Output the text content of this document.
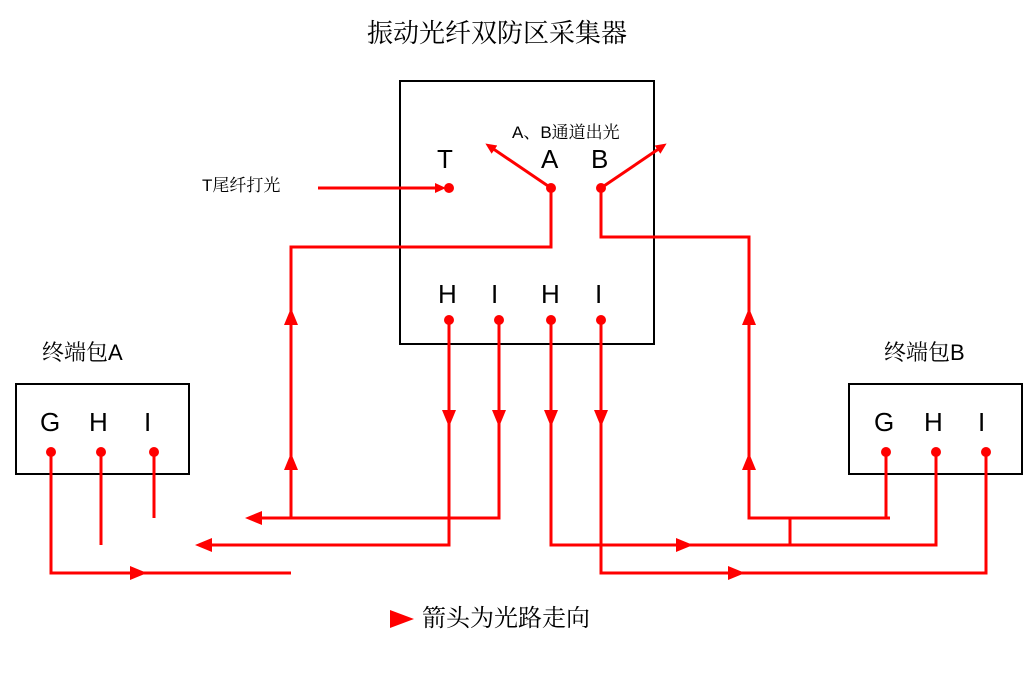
振动光纤双防区采集器
终端包A	终端包B
T	A B
H I H I
G H I	G H I
T尾纤打光
A、B通道出光
箭头为光路走向
